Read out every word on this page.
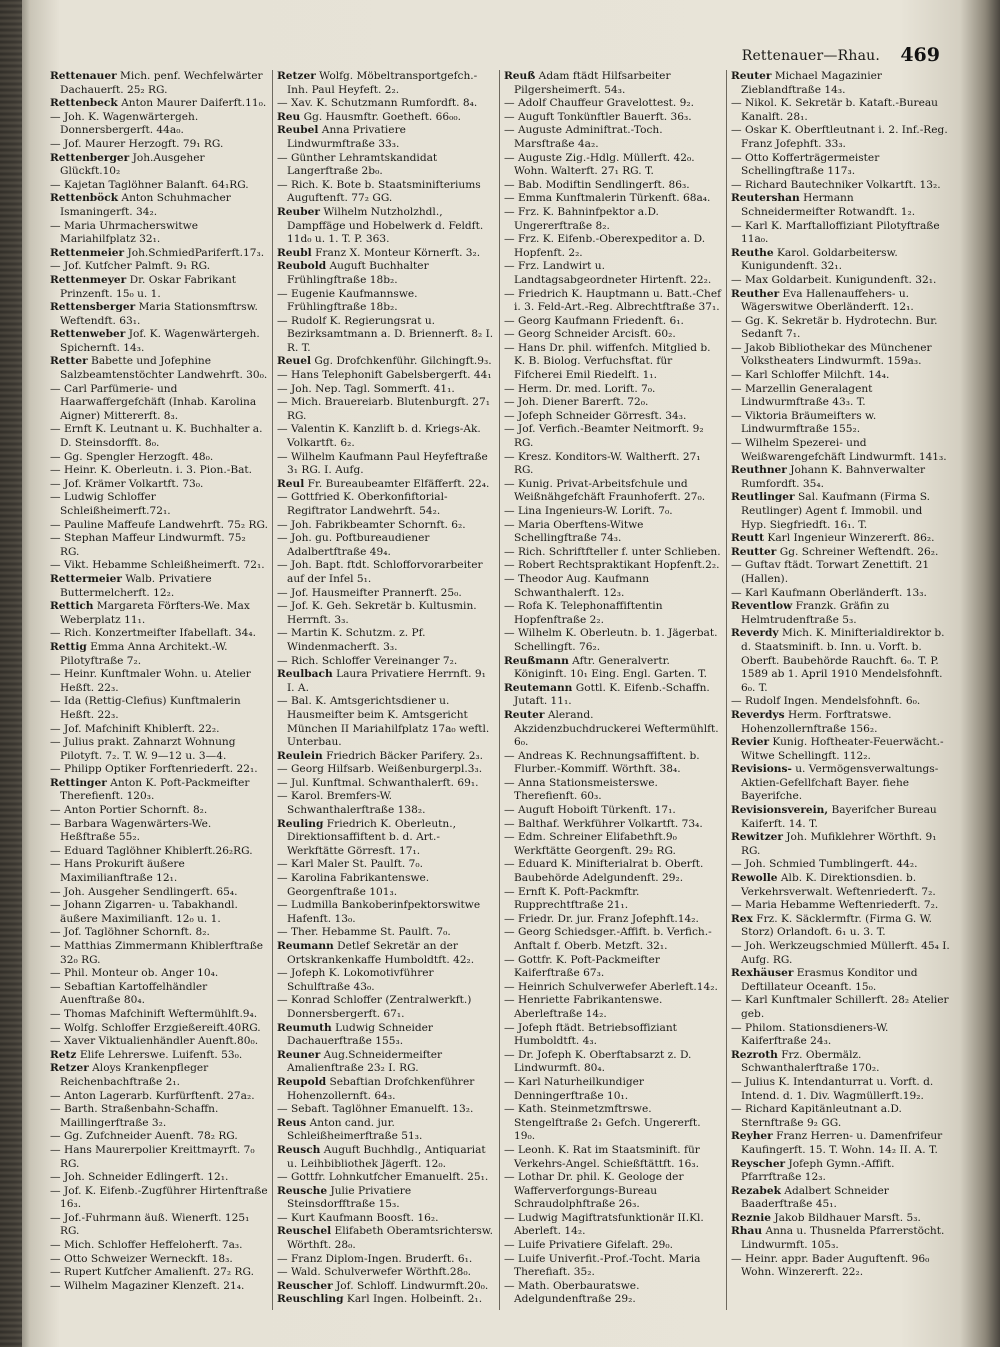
Rettenauer—Rhau. 469

Rettenauer Mich. penf. Wechfelwärter Dachauerft. 25₂ RG.

Rettenbeck Anton Maurer Daiferft.11₀.

— Joh. K. Wagenwärtergeh. Donnersbergerft. 44a₀.

— Jof. Maurer Herzogft. 79₁ RG.

Rettenberger Joh.Ausgeher Glückft.10₂

— Kajetan Taglöhner Balanft. 64₁RG.

Rettenböck Anton Schuhmacher Ismaningerft. 34₂.

— Maria Uhrmacherswitwe Mariahilfplatz 32₁.

Rettenmeier Joh.SchmiedPariferft.17₃.

— Jof. Kutfcher Palmft. 9₁ RG.

Rettenmeyer Dr. Oskar Fabrikant Prinzenft. 15₀ u. 1.

Rettensberger Maria Stationsmftrsw. Weftendft. 63₁.

Rettenweber Jof. K. Wagenwärtergeh. Spichernft. 14₃.

Retter Babette und Jofephine Salzbeamtenstöchter Landwehrft. 30₀.

— Carl Parfümerie- und Haarwaffergefchäft (Inhab. Karolina Aigner) Mittererft. 8₃.

— Ernft K. Leutnant u. K. Buchhalter a. D. Steinsdorfft. 8₀.

— Gg. Spengler Herzogft. 48₀.

— Heinr. K. Oberleutn. i. 3. Pion.-Bat.

— Jof. Krämer Volkartft. 73₀.

— Ludwig Schloffer Schleißheimerft.72₁.

— Pauline Maffeufe Landwehrft. 75₂ RG.

— Stephan Maffeur Lindwurmft. 75₂ RG.

— Vikt. Hebamme Schleißheimerft. 72₁.

Rettermeier Walb. Privatiere Buttermelcherft. 12₂.

Rettich Margareta Förfters-We. Max Weberplatz 11₁.

— Rich. Konzertmeifter Ifabellaft. 34₄.

Rettig Emma Anna Architekt.-W. Pilotyftraße 7₂.

— Heinr. Kunftmaler Wohn. u. Atelier Heßft. 22₃.

— Ida (Rettig-Clefius) Kunftmalerin Heßft. 22₃.

— Jof. Mafchinift Khiblerft. 22₂.

— Julius prakt. Zahnarzt Wohnung Pilotyft. 7₂. T. W. 9—12 u. 3—4.

— Philipp Optiker Forftenriederft. 22₁.

Rettinger Anton K. Poft-Packmeifter Therefienft. 120₃.

— Anton Portier Schornft. 8₂.

— Barbara Wagenwärters-We. Heßftraße 55₂.

— Eduard Taglöhner Khiblerft.26₂RG.

— Hans Prokurift äußere Maximilianftraße 12₁.

— Joh. Ausgeher Sendlingerft. 65₄.

— Johann Zigarren- u. Tabakhandl. äußere Maximilianft. 12₀ u. 1.

— Jof. Taglöhner Schornft. 8₂.

— Matthias Zimmermann Khiblerftraße 32₀ RG.

— Phil. Monteur ob. Anger 10₄.

— Sebaftian Kartoffelhändler Auenftraße 80₄.

— Thomas Mafchinift Weftermühlft.9₄.

— Wolfg. Schloffer Erzgießereift.40RG.

— Xaver Viktualienhändler Auenft.80₀.

Retz Elife Lehrerswe. Luifenft. 53₀.

Retzer Aloys Krankenpfleger Reichenbachftraße 2₁.

— Anton Lagerarb. Kurfürftenft. 27a₂.

— Barth. Straßenbahn-Schaffn. Maillingerftraße 3₂.

— Gg. Zufchneider Auenft. 78₂ RG.

— Hans Maurerpolier Kreittmayrft. 7₀ RG.

— Joh. Schneider Edlingerft. 12₁.

— Jof. K. Eifenb.-Zugführer Hirtenftraße 16₃.

— Jof.-Fuhrmann äuß. Wienerft. 125₁ RG.

— Mich. Schloffer Heffeloherft. 7a₃.

— Otto Schweizer Werneckft. 18₃.

— Rupert Kutfcher Amalienft. 27₂ RG.

— Wilhelm Magaziner Klenzeft. 21₄.

Retzer Wolfg. Möbeltransportgefch.-Inh. Paul Heyfeft. 2₂.

— Xav. K. Schutzmann Rumfordft. 8₄.

Reu Gg. Hausmftr. Goetheft. 66₀₀.

Reubel Anna Privatiere Lindwurmftraße 33₃.

— Günther Lehramtskandidat Langerftraße 2b₀.

— Rich. K. Bote b. Staatsminifteriums Auguftenft. 77₂ GG.

Reuber Wilhelm Nutzholzhdl., Dampffäge und Hobelwerk d. Feldft. 11d₀ u. 1. T. P. 363.

Reubl Franz X. Monteur Körnerft. 3₂.

Reubold Auguft Buchhalter Frühlingftraße 18b₂.

— Eugenie Kaufmannswe. Frühlingftraße 18b₂.

— Rudolf K. Regierungsrat u. Bezirksamtmann a. D. Briennerft. 8₂ I. R. T.

Reuel Gg. Drofchkenführ. Gilchingft.9₃.

— Hans Telephonift Gabelsbergerft. 44₁

— Joh. Nep. Tagl. Sommerft. 41₁.

— Mich. Brauereiarb. Blutenburgft. 27₁ RG.

— Valentin K. Kanzlift b. d. Kriegs-Ak. Volkartft. 6₂.

— Wilhelm Kaufmann Paul Heyfeftraße 3₁ RG. I. Aufg.

Reul Fr. Bureaubeamter Elfäfferft. 22₄.

— Gottfried K. Oberkonfiftorial-Regiftrator Landwehrft. 54₂.

— Joh. Fabrikbeamter Schornft. 6₂.

— Joh. gu. Poftbureaudiener Adalbertftraße 49₄.

— Joh. Bapt. ftdt. Schlofforvorarbeiter auf der Infel 5₁.

— Jof. Hausmeifter Prannerft. 25₀.

— Jof. K. Geh. Sekretär b. Kultusmin. Herrnft. 3₃.

— Martin K. Schutzm. z. Pf. Windenmacherft. 3₃.

— Rich. Schloffer Vereinanger 7₂.

Reulbach Laura Privatiere Herrnft. 9₁ I. A.

— Bal. K. Amtsgerichtsdiener u. Hausmeifter beim K. Amtsgericht München II Mariahilfplatz 17a₀ weftl. Unterbau.

Reulein Friedrich Bäcker Parifery. 2₃.

— Georg Hilfsarb. Weißenburgerpl.3₃.

— Jul. Kunftmal. Schwanthalerft. 69₁.

— Karol. Bremfers-W. Schwanthalerftraße 138₂.

Reuling Friedrich K. Oberleutn., Direktionsaffiftent b. d. Art.-Werkftätte Görresft. 17₁.

— Karl Maler St. Paulft. 7₀.

— Karolina Fabrikantenswe. Georgenftraße 101₃.

— Ludmilla Bankoberinfpektorswitwe Hafenft. 13₀.

— Ther. Hebamme St. Paulft. 7₀.

Reumann Detlef Sekretär an der Ortskrankenkaffe Humboldtft. 42₂.

— Jofeph K. Lokomotivführer Schulftraße 43₀.

— Konrad Schloffer (Zentralwerkft.) Donnersbergerft. 67₁.

Reumuth Ludwig Schneider Dachauerftraße 155₃.

Reuner Aug.Schneidermeifter Amalienftraße 23₂ I. RG.

Reupold Sebaftian Drofchkenführer Hohenzollernft. 64₃.

— Sebaft. Taglöhner Emanuelft. 13₂.

Reus Anton cand. jur. Schleißheimerftraße 51₃.

Reusch Auguft Buchhdlg., Antiquariat u. Leihbibliothek Jägerft. 12₀.

— Gottfr. Lohnkutfcher Emanuelft. 25₁.

Reusche Julie Privatiere Steinsdorfftraße 15₃.

— Kurt Kaufmann Boosft. 16₂.

Reuschel Elifabeth Oberamtsrichtersw. Wörthft. 28₀.

— Franz Diplom-Ingen. Bruderft. 6₁.

— Wald. Schulverwefer Wörthft.28₀.

Reuscher Jof. Schloff. Lindwurmft.20₀.

Reuschling Karl Ingen. Holbeinft. 2₁.

Reuß Adam ftädt Hilfsarbeiter Pilgersheimerft. 54₃.

— Adolf Chauffeur Gravelottest. 9₂.

— Auguft Tonkünftler Bauerft. 36₃.

— Auguste Adminiftrat.-Toch. Marsftraße 4a₂.

— Auguste Zig.-Hdlg. Müllerft. 42₀. Wohn. Walterft. 27₁ RG. T.

— Bab. Modiftin Sendlingerft. 86₃.

— Emma Kunftmalerin Türkenft. 68a₄.

— Frz. K. Bahninfpektor a.D. Ungererftraße 8₂.

— Frz. K. Eifenb.-Oberexpeditor a. D. Hopfenft. 2₂.

— Frz. Landwirt u. Landtagsabgeordneter Hirtenft. 22₂.

— Friedrich K. Hauptmann u. Batt.-Chef i. 3. Feld-Art.-Reg. Albrechtftraße 37₁.

— Georg Kaufmann Friedenft. 6₁.

— Georg Schneider Arcisft. 60₂.

— Hans Dr. phil. wiffenfch. Mitglied b. K. B. Biolog. Verfuchsftat. für Fifcherei Emil Riedelft. 1₁.

— Herm. Dr. med. Lorift. 7₀.

— Joh. Diener Barerft. 72₀.

— Jofeph Schneider Görresft. 34₃.

— Jof. Verfich.-Beamter Neitmorft. 9₂ RG.

— Kresz. Konditors-W. Waltherft. 27₁ RG.

— Kunig. Privat-Arbeitsfchule und Weißnähgefchäft Fraunhoferft. 27₀.

— Lina Ingenieurs-W. Lorift. 7₀.

— Maria Oberftens-Witwe Schellingftraße 74₃.

— Rich. Schriftfteller f. unter Schlieben.

— Robert Rechtspraktikant Hopfenft.2₂.

— Theodor Aug. Kaufmann Schwanthalerft. 12₃.

— Rofa K. Telephonaffiftentin Hopfenftraße 2₂.

— Wilhelm K. Oberleutn. b. 1. Jägerbat. Schellingft. 76₂.

Reußmann Aftr. Generalvertr. Königinft. 10₁ Eing. Engl. Garten. T.

Reutemann Gottl. K. Eifenb.-Schaffn. Jutaft. 11₁.

Reuter Alerand. Akzidenzbuchdruckerei Weftermühlft. 6₀.

— Andreas K. Rechnungsaffiftent. b. Flurber.-Kommiff. Wörthft. 38₄.

— Anna Stationsmeisterswe. Therefienft. 60₃.

— Auguft Hoboift Türkenft. 17₁.

— Balthaf. Werkführer Volkartft. 73₄.

— Edm. Schreiner Elifabethft.9₀ Werkftätte Georgenft. 29₂ RG.

— Eduard K. Minifterialrat b. Oberft. Baubehörde Adelgundenft. 29₂.

— Ernft K. Poft-Packmftr. Rupprechtftraße 21₁.

— Friedr. Dr. jur. Franz Jofephft.14₂.

— Georg Schiedsger.-Affift. b. Verfich.-Anftalt f. Oberb. Metzft. 32₁.

— Gottfr. K. Poft-Packmeifter Kaiferftraße 67₃.

— Heinrich Schulverwefer Aberleft.14₂.

— Henriette Fabrikantenswe. Aberleftraße 14₂.

— Jofeph ftädt. Betriebsoffiziant Humboldtft. 4₃.

— Dr. Jofeph K. Oberftabsarzt z. D. Lindwurmft. 80₄.

— Karl Naturheilkundiger Denningerftraße 10₁.

— Kath. Steinmetzmftrswe. Stengelftraße 2₁ Gefch. Ungererft. 19₀.

— Leonh. K. Rat im Staatsminift. für Verkehrs-Angel. Schießftättft. 16₃.

— Lothar Dr. phil. K. Geologe der Wafferverforgungs-Bureau Schraudolphftraße 26₃.

— Ludwig Magiftratsfunktionär II.Kl. Aberleft. 14₂.

— Luife Privatiere Gifelaft. 29₀.

— Luife Univerfit.-Prof.-Tocht. Maria Therefiaft. 35₂.

— Math. Oberbauratswe. Adelgundenftraße 29₂.

Reuter Michael Magazinier Zieblandftraße 14₃.

— Nikol. K. Sekretär b. Kataft.-Bureau Kanalft. 28₁.

— Oskar K. Oberftleutnant i. 2. Inf.-Reg. Franz Jofephft. 33₃.

— Otto Kofferträgermeister Schellingftraße 117₃.

— Richard Bautechniker Volkartft. 13₂.

Reutershan Hermann Schneidermeifter Rotwandft. 1₂.

— Karl K. Marftalloffiziant Pilotyftraße 11a₀.

Reuthe Karol. Goldarbeitersw. Kunigundenft. 32₁.

— Max Goldarbeit. Kunigundenft. 32₁.

Reuther Eva Hallenauffehers- u. Wägerswitwe Oberländerft. 12₁.

— Gg. K. Sekretär b. Hydrotechn. Bur. Sedanft 7₁.

— Jakob Bibliothekar des Münchener Volkstheaters Lindwurmft. 159a₃.

— Karl Schloffer Milchft. 14₄.

— Marzellin Generalagent Lindwurmftraße 43₃. T.

— Viktoria Bräumeifters w. Lindwurmftraße 155₂.

— Wilhelm Spezerei- und Weißwarengefchäft Lindwurmft. 141₃.

Reuthner Johann K. Bahnverwalter Rumfordft. 35₄.

Reutlinger Sal. Kaufmann (Firma S. Reutlinger) Agent f. Immobil. und Hyp. Siegfriedft. 16₁. T.

Reutt Karl Ingenieur Winzererft. 86₂.

Reutter Gg. Schreiner Weftendft. 26₂.

— Guftav ftädt. Torwart Zenettift. 21 (Hallen).

— Karl Kaufmann Oberländerft. 13₃.

Reventlow Franzk. Gräfin zu Helmtrudenftraße 5₃.

Reverdy Mich. K. Minifterialdirektor b. d. Staatsminift. b. Inn. u. Vorft. b. Oberft. Baubehörde Rauchft. 6₀. T. P. 1589 ab 1. April 1910 Mendelsfohnft. 6₀. T.

— Rudolf Ingen. Mendelsfohnft. 6₀.

Reverdys Herm. Forftratswe. Hohenzollernftraße 156₂.

Revier Kunig. Hoftheater-Feuerwächt.-Witwe Schellingft. 112₂.

Revisions- u. Vermögensverwaltungs-Aktien-Gefellfchaft Bayer. fiehe Bayerifche.

Revisionsverein, Bayerifcher Bureau Kaiferft. 14. T.

Rewitzer Joh. Mufiklehrer Wörthft. 9₁ RG.

— Joh. Schmied Tumblingerft. 44₂.

Rewolle Alb. K. Direktionsdien. b. Verkehrsverwalt. Weftenriederft. 7₂.

— Maria Hebamme Weftenriederft. 7₂.

Rex Frz. K. Säcklermftr. (Firma G. W. Storz) Orlandoft. 6₁ u. 3. T.

— Joh. Werkzeugschmied Müllerft. 45₄ I. Aufg. RG.

Rexhäuser Erasmus Konditor und Deftillateur Oceanft. 15₀.

— Karl Kunftmaler Schillerft. 28₂ Atelier geb.

— Philom. Stationsdieners-W. Kaiferftraße 24₃.

Rezroth Frz. Obermälz. Schwanthalerftraße 170₂.

— Julius K. Intendanturrat u. Vorft. d. Intend. d. 1. Div. Wagmüllerft.19₂.

— Richard Kapitänleutnant a.D. Sternftraße 9₂ GG.

Reyher Franz Herren- u. Damenfrifeur Kaufingerft. 15. T. Wohn. 14₂ II. A. T.

Reyscher Jofeph Gymn.-Affift. Pfarrftraße 12₃.

Rezabek Adalbert Schneider Baaderftraße 45₁.

Reznie Jakob Bildhauer Marsft. 5₃.

Rhau Anna u. Thusnelda Pfarrerstöcht. Lindwurmft. 105₃.

— Heinr. appr. Bader Auguftenft. 96₀ Wohn. Winzererft. 22₂.
